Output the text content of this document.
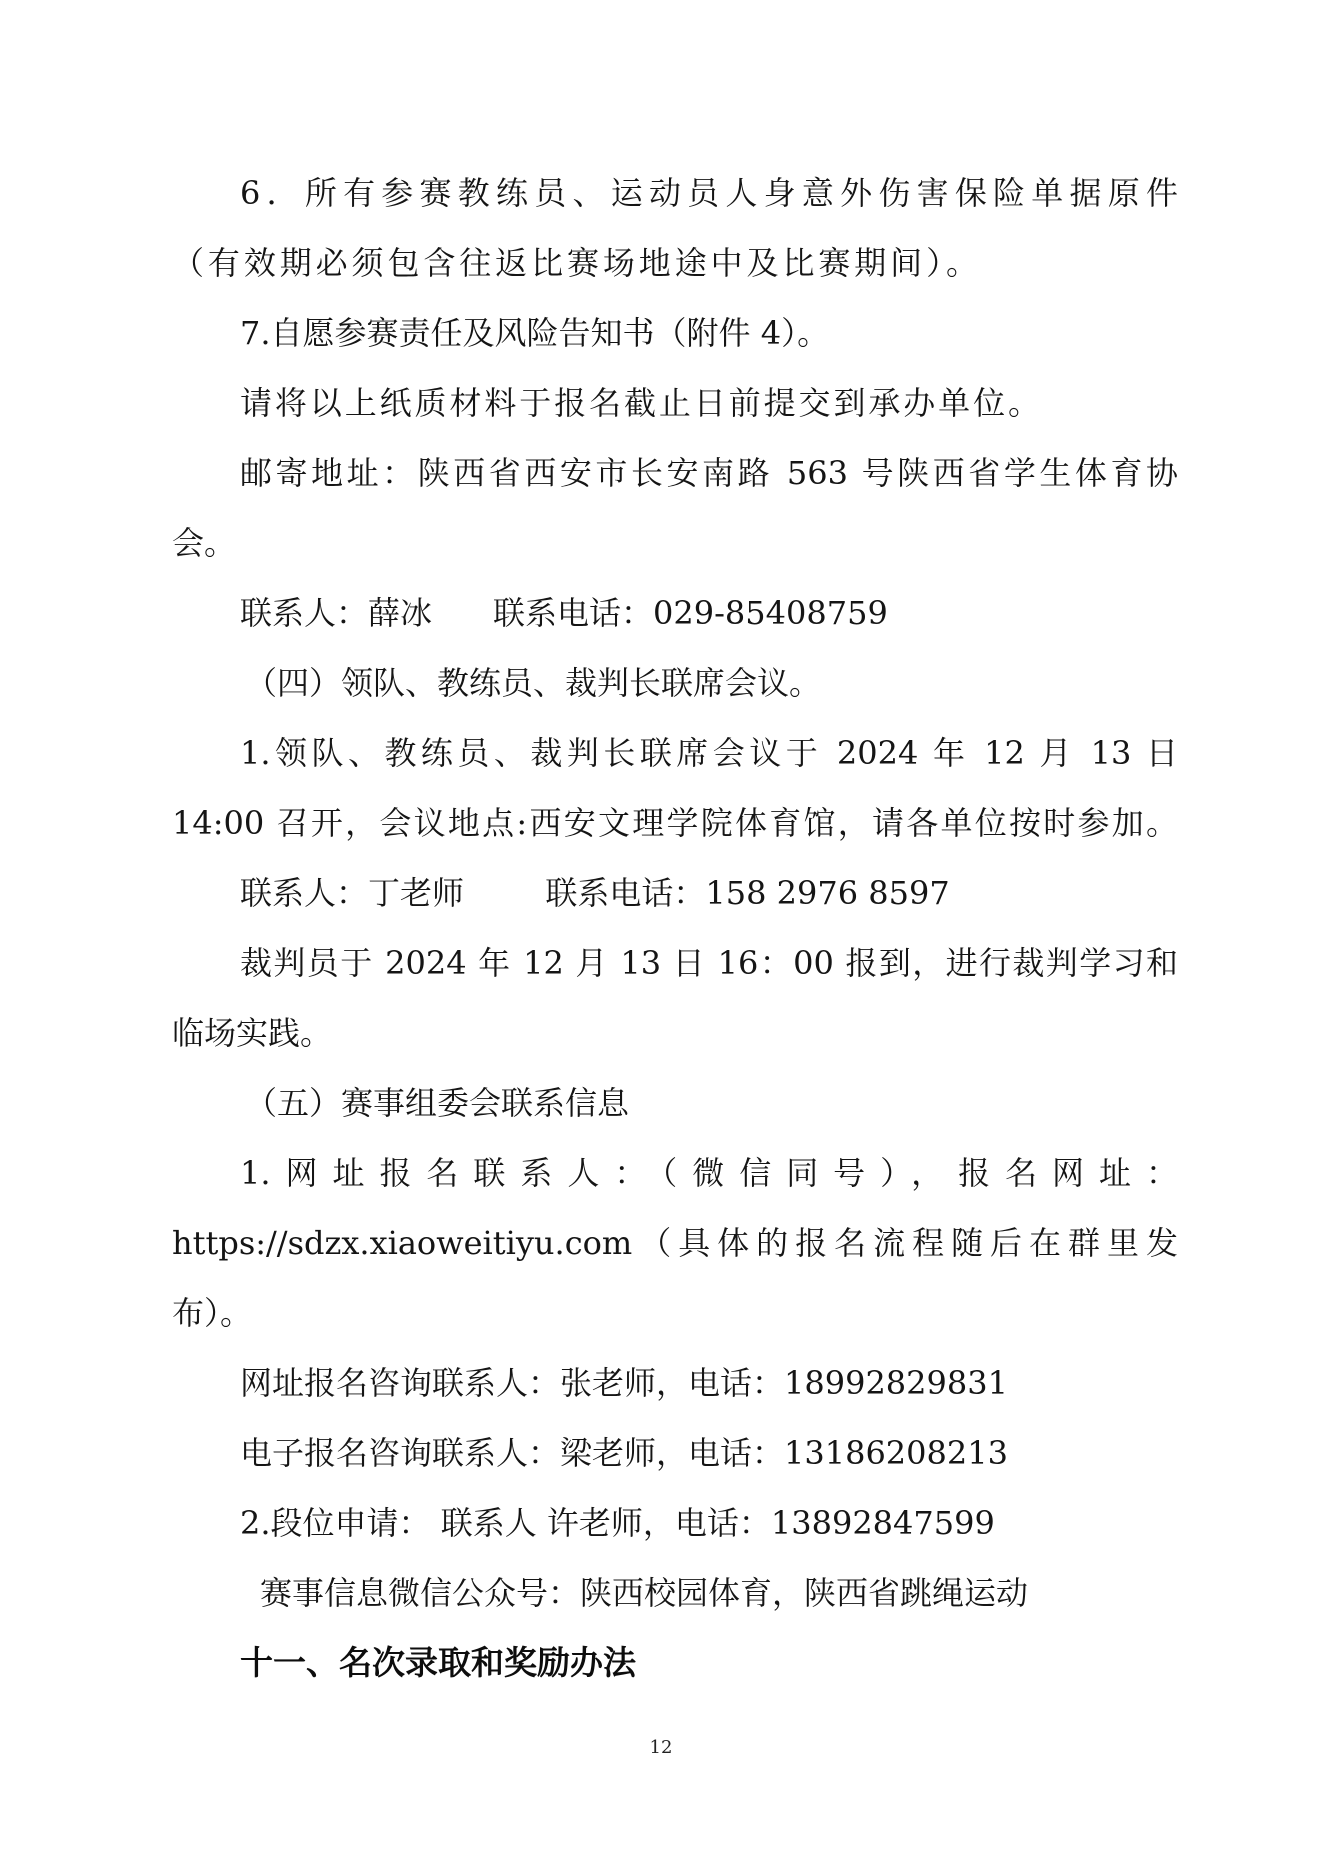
6．所有参赛教练员、运动员人身意外伤害保险单据原件
（有效期必须包含往返比赛场地途中及比赛期间）。
7.自愿参赛责任及风险告知书（附件 4）。
请将以上纸质材料于报名截止日前提交到承办单位。
邮寄地址：陕西省西安市长安南路 563 号陕西省学生体育协
会。
联系人：薛冰      联系电话：029-85408759
（四）领队、教练员、裁判长联席会议。
1.领队、教练员、裁判长联席会议于 2024 年 12 月 13 日
14:00 召开，会议地点:西安文理学院体育馆，请各单位按时参加。
联系人：丁老师        联系电话：158 2976 8597
裁判员于 2024 年 12 月 13 日 16：00 报到，进行裁判学习和
临场实践。
（五）赛事组委会联系信息
1.网址报名联系人：（微信同号），报名网址：
https://sdzx.xiaoweitiyu.com（具体的报名流程随后在群里发
布）。
网址报名咨询联系人：张老师，电话：18992829831
电子报名咨询联系人：梁老师，电话：13186208213
2.段位申请： 联系人 许老师，电话：13892847599
赛事信息微信公众号：陕西校园体育，陕西省跳绳运动
十一、名次录取和奖励办法
12
